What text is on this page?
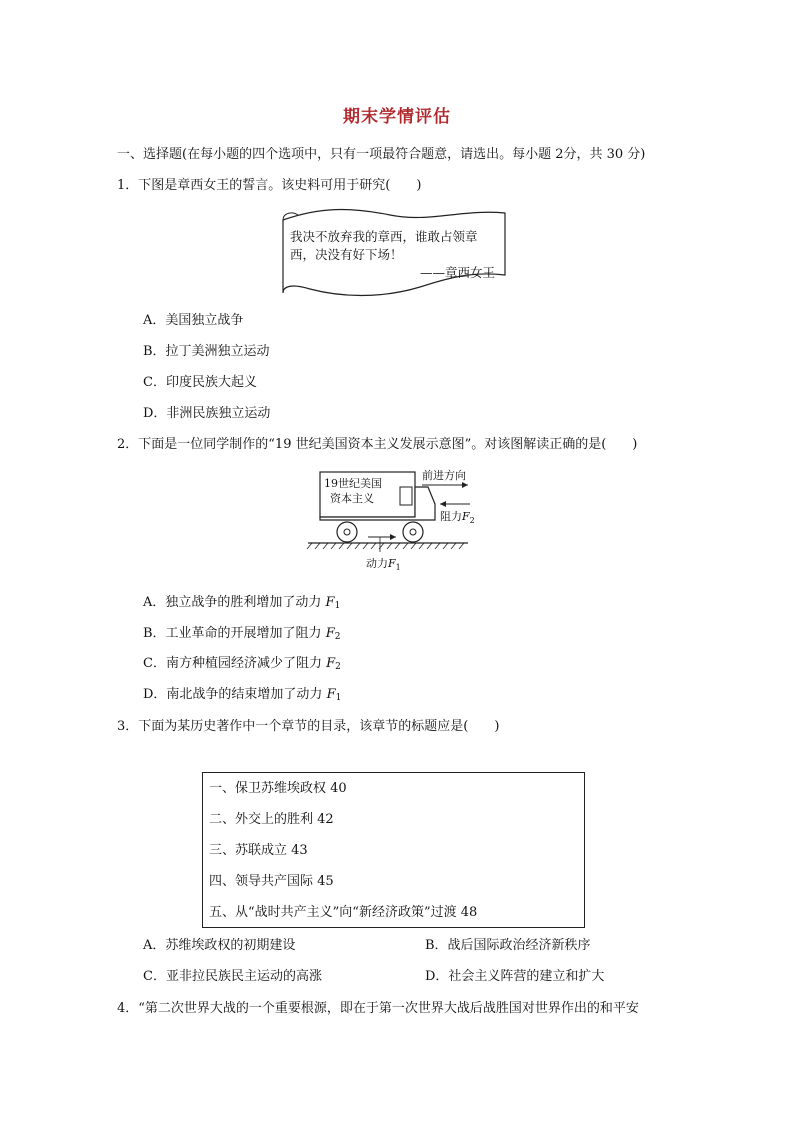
期末学情评估
一、选择题(在每小题的四个选项中，只有一项最符合题意，请选出。每小题 2分，共 30 分)
1．下图是章西女王的誓言。该史料可用于研究(　　)
我决不放弃我的章西，谁敢占领章
西，决没有好下场！
——章西女王
A．美国独立战争
B．拉丁美洲独立运动
C．印度民族大起义
D．非洲民族独立运动
2．下面是一位同学制作的“19 世纪美国资本主义发展示意图”。对该图解读正确的是(　　)
19世纪美国
资本主义
前进方向
阻力$F_2$
动力$F_1$
A．独立战争的胜利增加了动力 $F_1$
B．工业革命的开展增加了阻力 $F_2$
C．南方种植园经济减少了阻力 $F_2$
D．南北战争的结束增加了动力 $F_1$
3．下面为某历史著作中一个章节的目录，该章节的标题应是(　　)
一、保卫苏维埃政权 40
二、外交上的胜利 42
三、苏联成立 43
四、领导共产国际 45
五、从“战时共产主义”向“新经济政策”过渡 48
A．苏维埃政权的初期建设	B．战后国际政治经济新秩序
C．亚非拉民族民主运动的高涨	D．社会主义阵营的建立和扩大
4．“第二次世界大战的一个重要根源，即在于第一次世界大战后战胜国对世界作出的和平安
